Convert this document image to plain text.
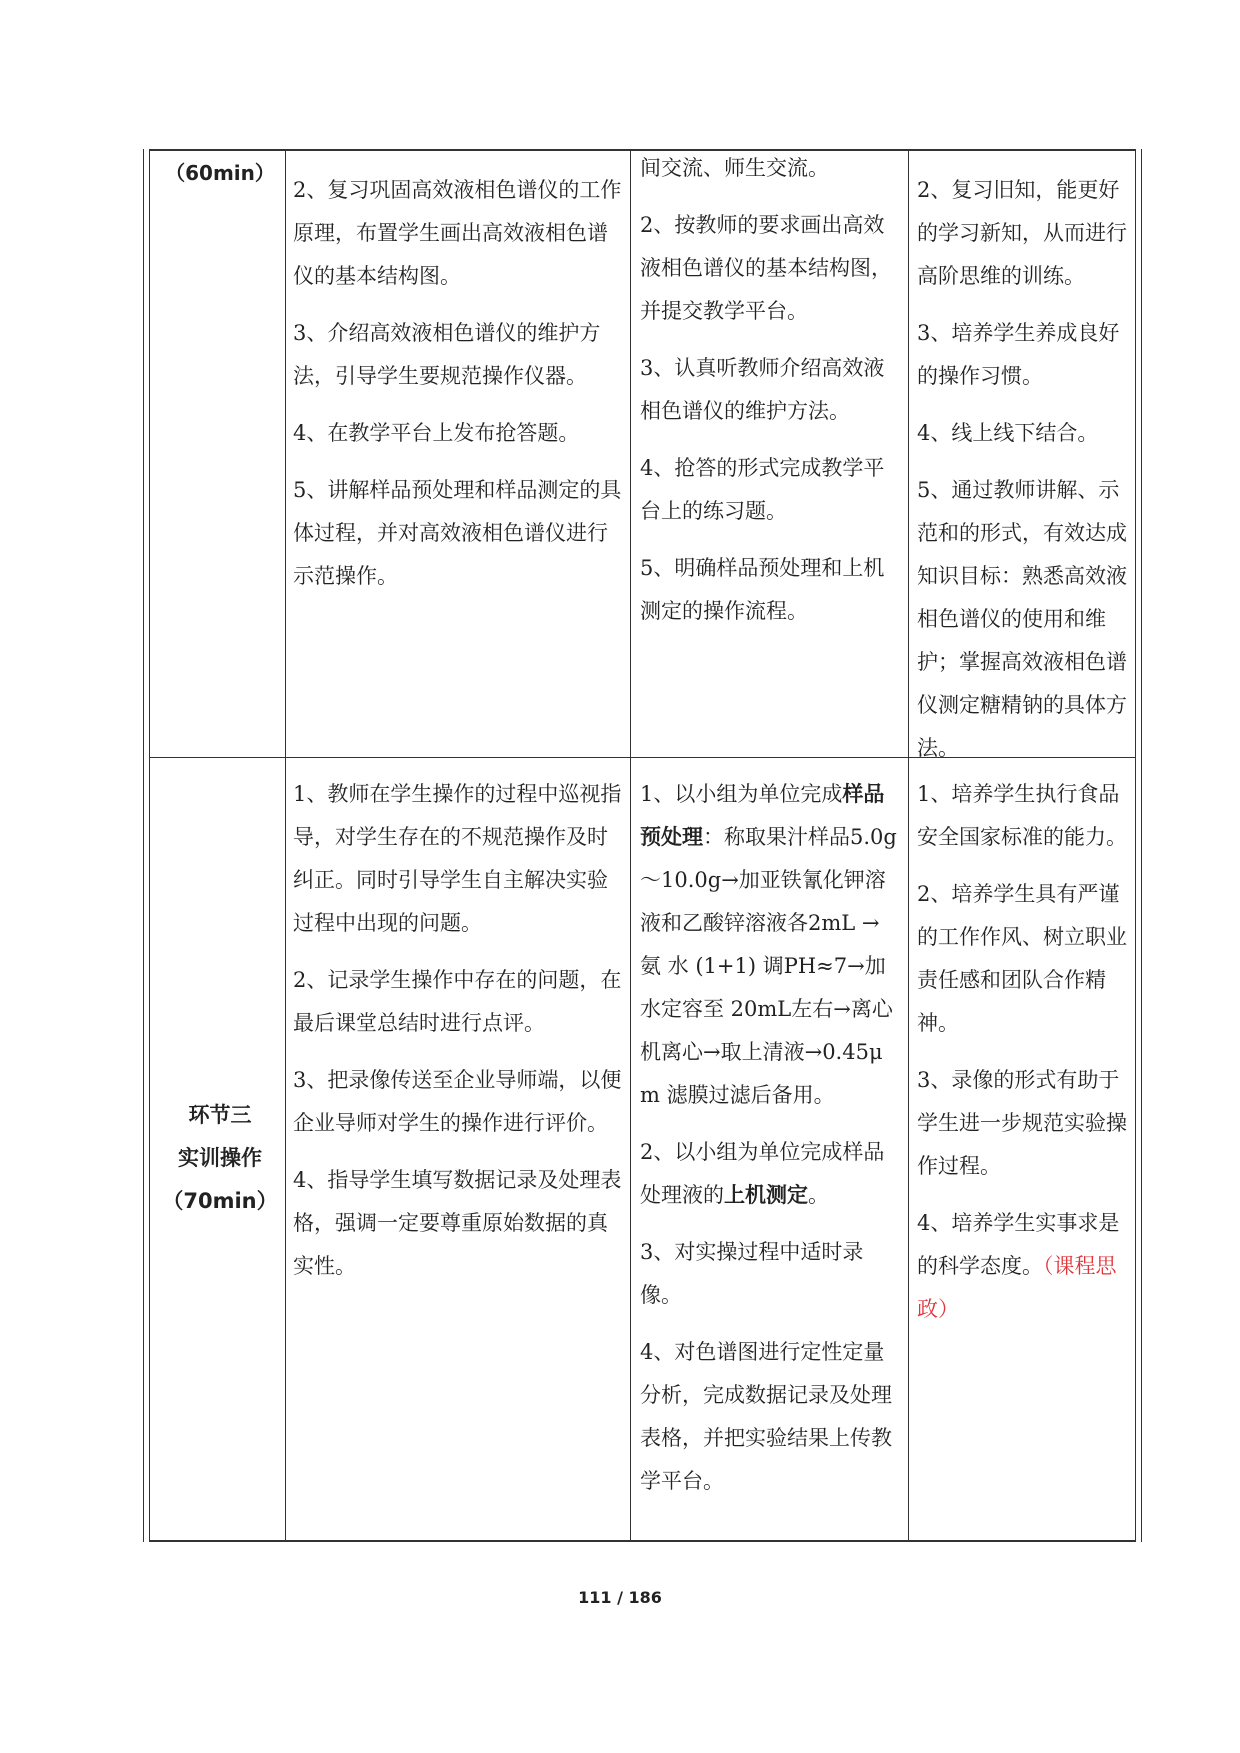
（60min）

2、复习巩固高效液相色谱仪的工作原理，布置学生画出高效液相色谱仪的基本结构图。

3、介绍高效液相色谱仪的维护方法，引导学生要规范操作仪器。

4、在教学平台上发布抢答题。

5、讲解样品预处理和样品测定的具体过程，并对高效液相色谱仪进行示范操作。

间交流、师生交流。

2、按教师的要求画出高效液相色谱仪的基本结构图，并提交教学平台。

3、认真听教师介绍高效液相色谱仪的维护方法。

4、抢答的形式完成教学平台上的练习题。

5、明确样品预处理和上机测定的操作流程。

2、复习旧知，能更好的学习新知，从而进行高阶思维的训练。

3、培养学生养成良好的操作习惯。

4、线上线下结合。

5、通过教师讲解、示范和的形式，有效达成知识目标：熟悉高效液相色谱仪的使用和维护；掌握高效液相色谱仪测定糖精钠的具体方法。

环节三
实训操作
（70min）

1、教师在学生操作的过程中巡视指导，对学生存在的不规范操作及时纠正。同时引导学生自主解决实验过程中出现的问题。

2、记录学生操作中存在的问题，在最后课堂总结时进行点评。

3、把录像传送至企业导师端，以便企业导师对学生的操作进行评价。

4、指导学生填写数据记录及处理表格，强调一定要尊重原始数据的真实性。

1、以小组为单位完成样品预处理：称取果汁样品5.0g～10.0g→加亚铁氰化钾溶液和乙酸锌溶液各2mL → 氨 水 (1+1) 调PH≈7→加水定容至 20mL左右→离心机离心→取上清液→0.45μm 滤膜过滤后备用。

2、以小组为单位完成样品处理液的上机测定。

3、对实操过程中适时录像。

4、对色谱图进行定性定量分析，完成数据记录及处理表格，并把实验结果上传教学平台。

1、培养学生执行食品安全国家标准的能力。

2、培养学生具有严谨的工作作风、树立职业责任感和团队合作精神。

3、录像的形式有助于学生进一步规范实验操作过程。

4、培养学生实事求是的科学态度。（课程思政）

111 / 186
